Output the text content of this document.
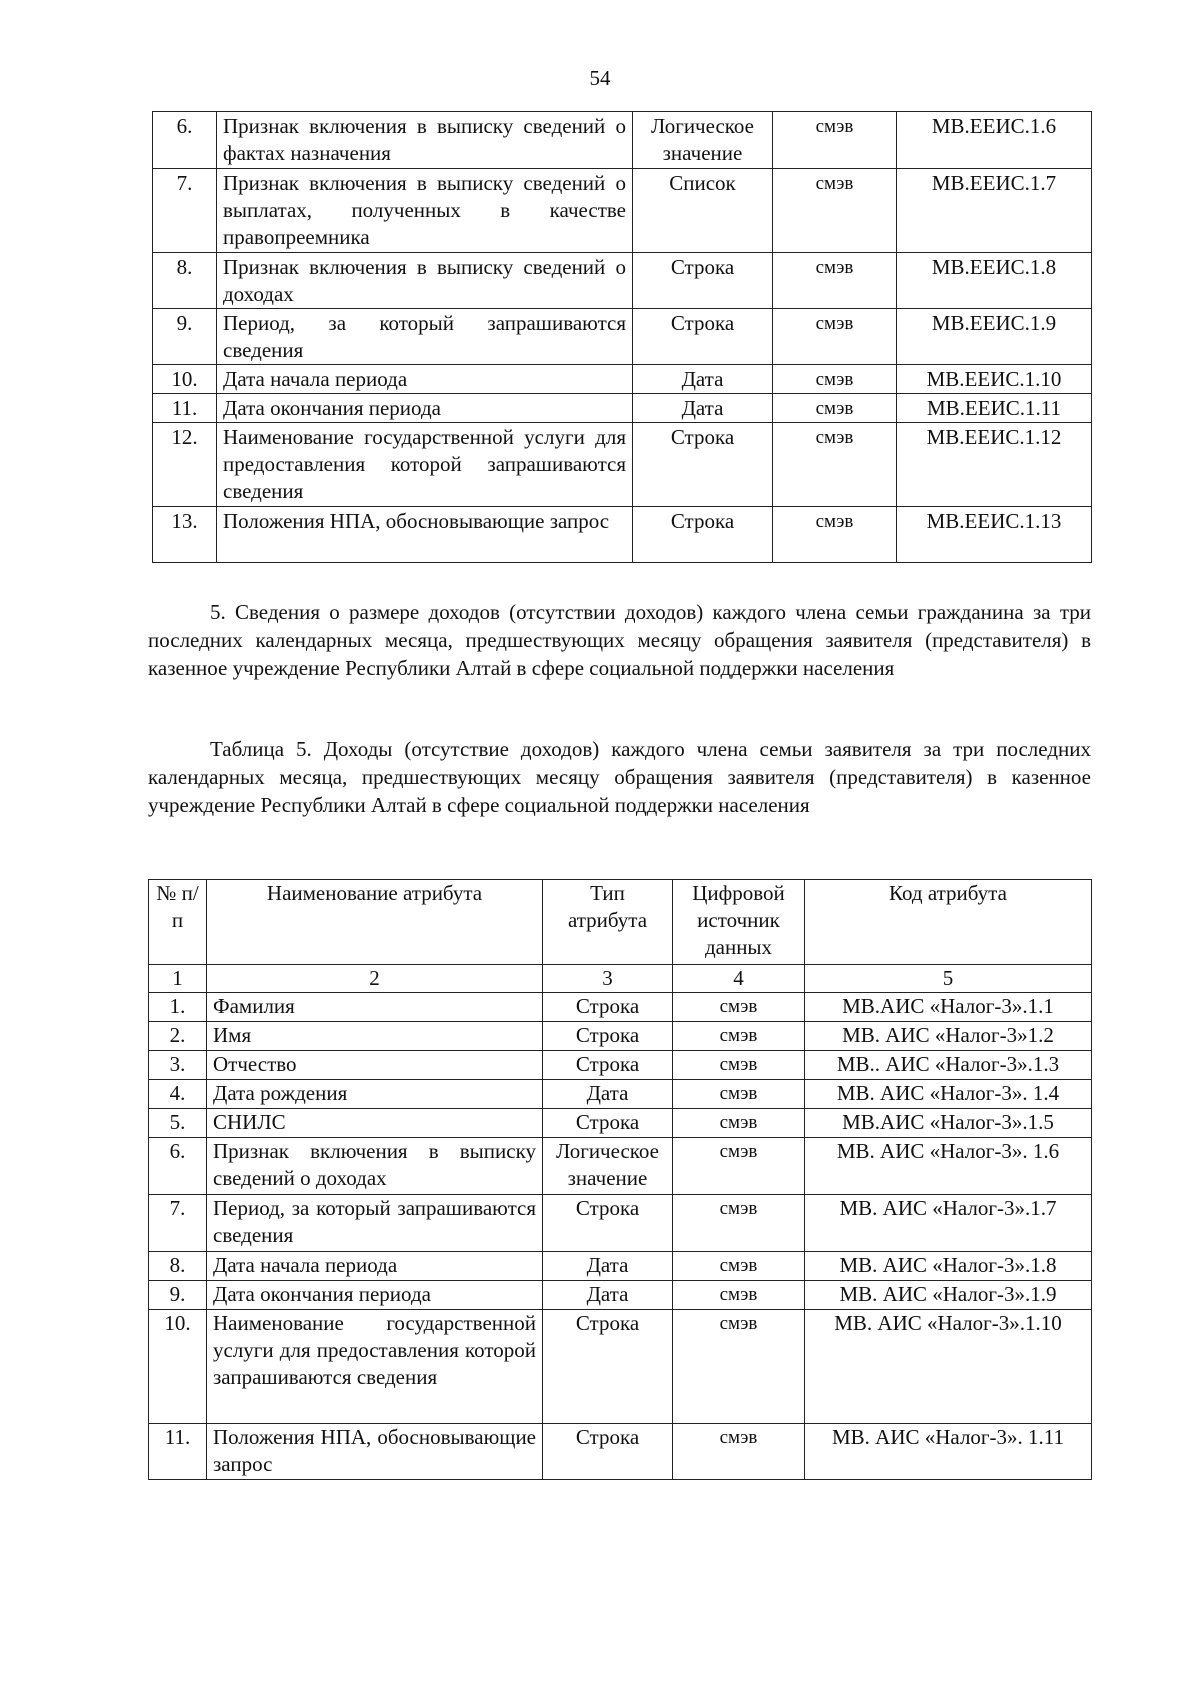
54
6.	Признак включения в выписку сведений о фактах назначения	Логическое значение	смэв	МВ.ЕЕИС.1.6
7.	Признак включения в выписку сведений о выплатах, полученных в качестве правопреемника	Список	смэв	МВ.ЕЕИС.1.7
8.	Признак включения в выписку сведений о доходах	Строка	смэв	МВ.ЕЕИС.1.8
9.	Период, за который запрашиваются сведения	Строка	смэв	МВ.ЕЕИС.1.9
10.	Дата начала периода	Дата	смэв	МВ.ЕЕИС.1.10
11.	Дата окончания периода	Дата	смэв	МВ.ЕЕИС.1.11
12.	Наименование государственной услуги для предоставления которой запрашиваются сведения	Строка	смэв	МВ.ЕЕИС.1.12
13.	Положения НПА, обосновывающие запрос	Строка	смэв	МВ.ЕЕИС.1.13
5. Сведения о размере доходов (отсутствии доходов) каждого члена семьи гражданина за три последних календарных месяца, предшествующих месяцу обращения заявителя (представителя) в казенное учреждение Республики Алтай в сфере социальной поддержки населения
Таблица 5. Доходы (отсутствие доходов) каждого члена семьи заявителя за три последних календарных месяца, предшествующих месяцу обращения заявителя (представителя) в казенное учреждение Республики Алтай в сфере социальной поддержки населения
№ п/п	Наименование атрибута	Тип атрибута	Цифровой источник данных	Код атрибута
1	2	3	4	5
1.	Фамилия	Строка	смэв	МВ.АИС «Налог-3».1.1
2.	Имя	Строка	смэв	МВ. АИС «Налог-3»1.2
3.	Отчество	Строка	смэв	МВ.. АИС «Налог-3».1.3
4.	Дата рождения	Дата	смэв	МВ. АИС «Налог-3». 1.4
5.	СНИЛС	Строка	смэв	МВ.АИС «Налог-3».1.5
6.	Признак включения в выписку сведений о доходах	Логическое значение	смэв	МВ. АИС «Налог-3». 1.6
7.	Период, за который запрашиваются сведения	Строка	смэв	МВ. АИС «Налог-3».1.7
8.	Дата начала периода	Дата	смэв	МВ. АИС «Налог-3».1.8
9.	Дата окончания периода	Дата	смэв	МВ. АИС «Налог-3».1.9
10.	Наименование государственной услуги для предоставления которой запрашиваются сведения	Строка	смэв	МВ. АИС «Налог-3».1.10
11.	Положения НПА, обосновывающие запрос	Строка	смэв	МВ. АИС «Налог-3». 1.11
